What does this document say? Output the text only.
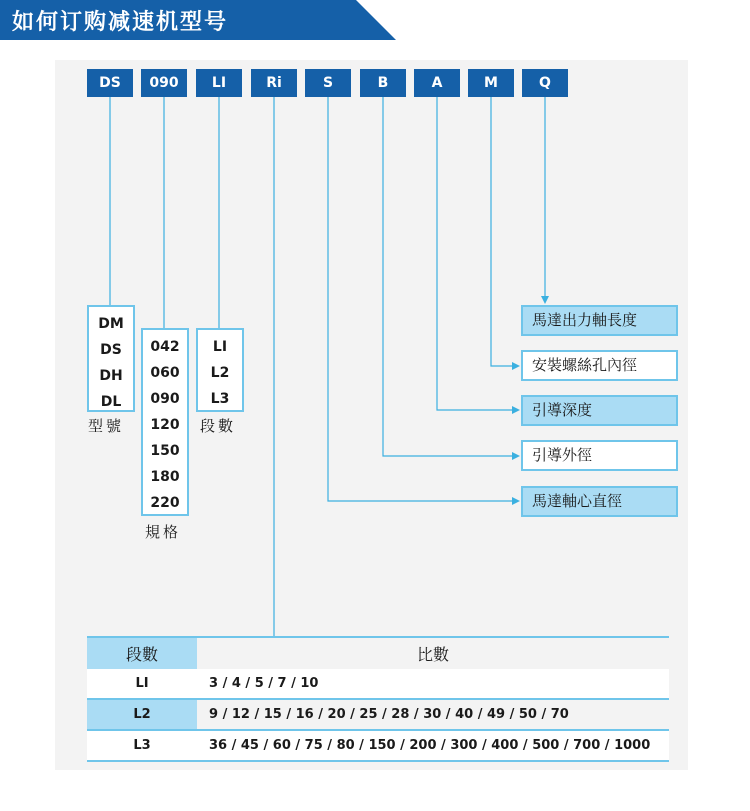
如何订购减速机型号
DS	090	LI	Ri	S	B	A	M	Q
DM
DS
DH
DL
型號
042
060
090
120
150
180
220
規格
LI
L2
L3
段數
馬達出力軸長度
安裝螺絲孔內徑
引導深度
引導外徑
馬達軸心直徑
段數	比數
LI	3 / 4 / 5 / 7 / 10
L2	9 / 12 / 15 / 16 / 20 / 25 / 28 / 30 / 40 / 49 / 50 / 70
L3	36 / 45 / 60 / 75 / 80 / 150 / 200 / 300 / 400 / 500 / 700 / 1000
